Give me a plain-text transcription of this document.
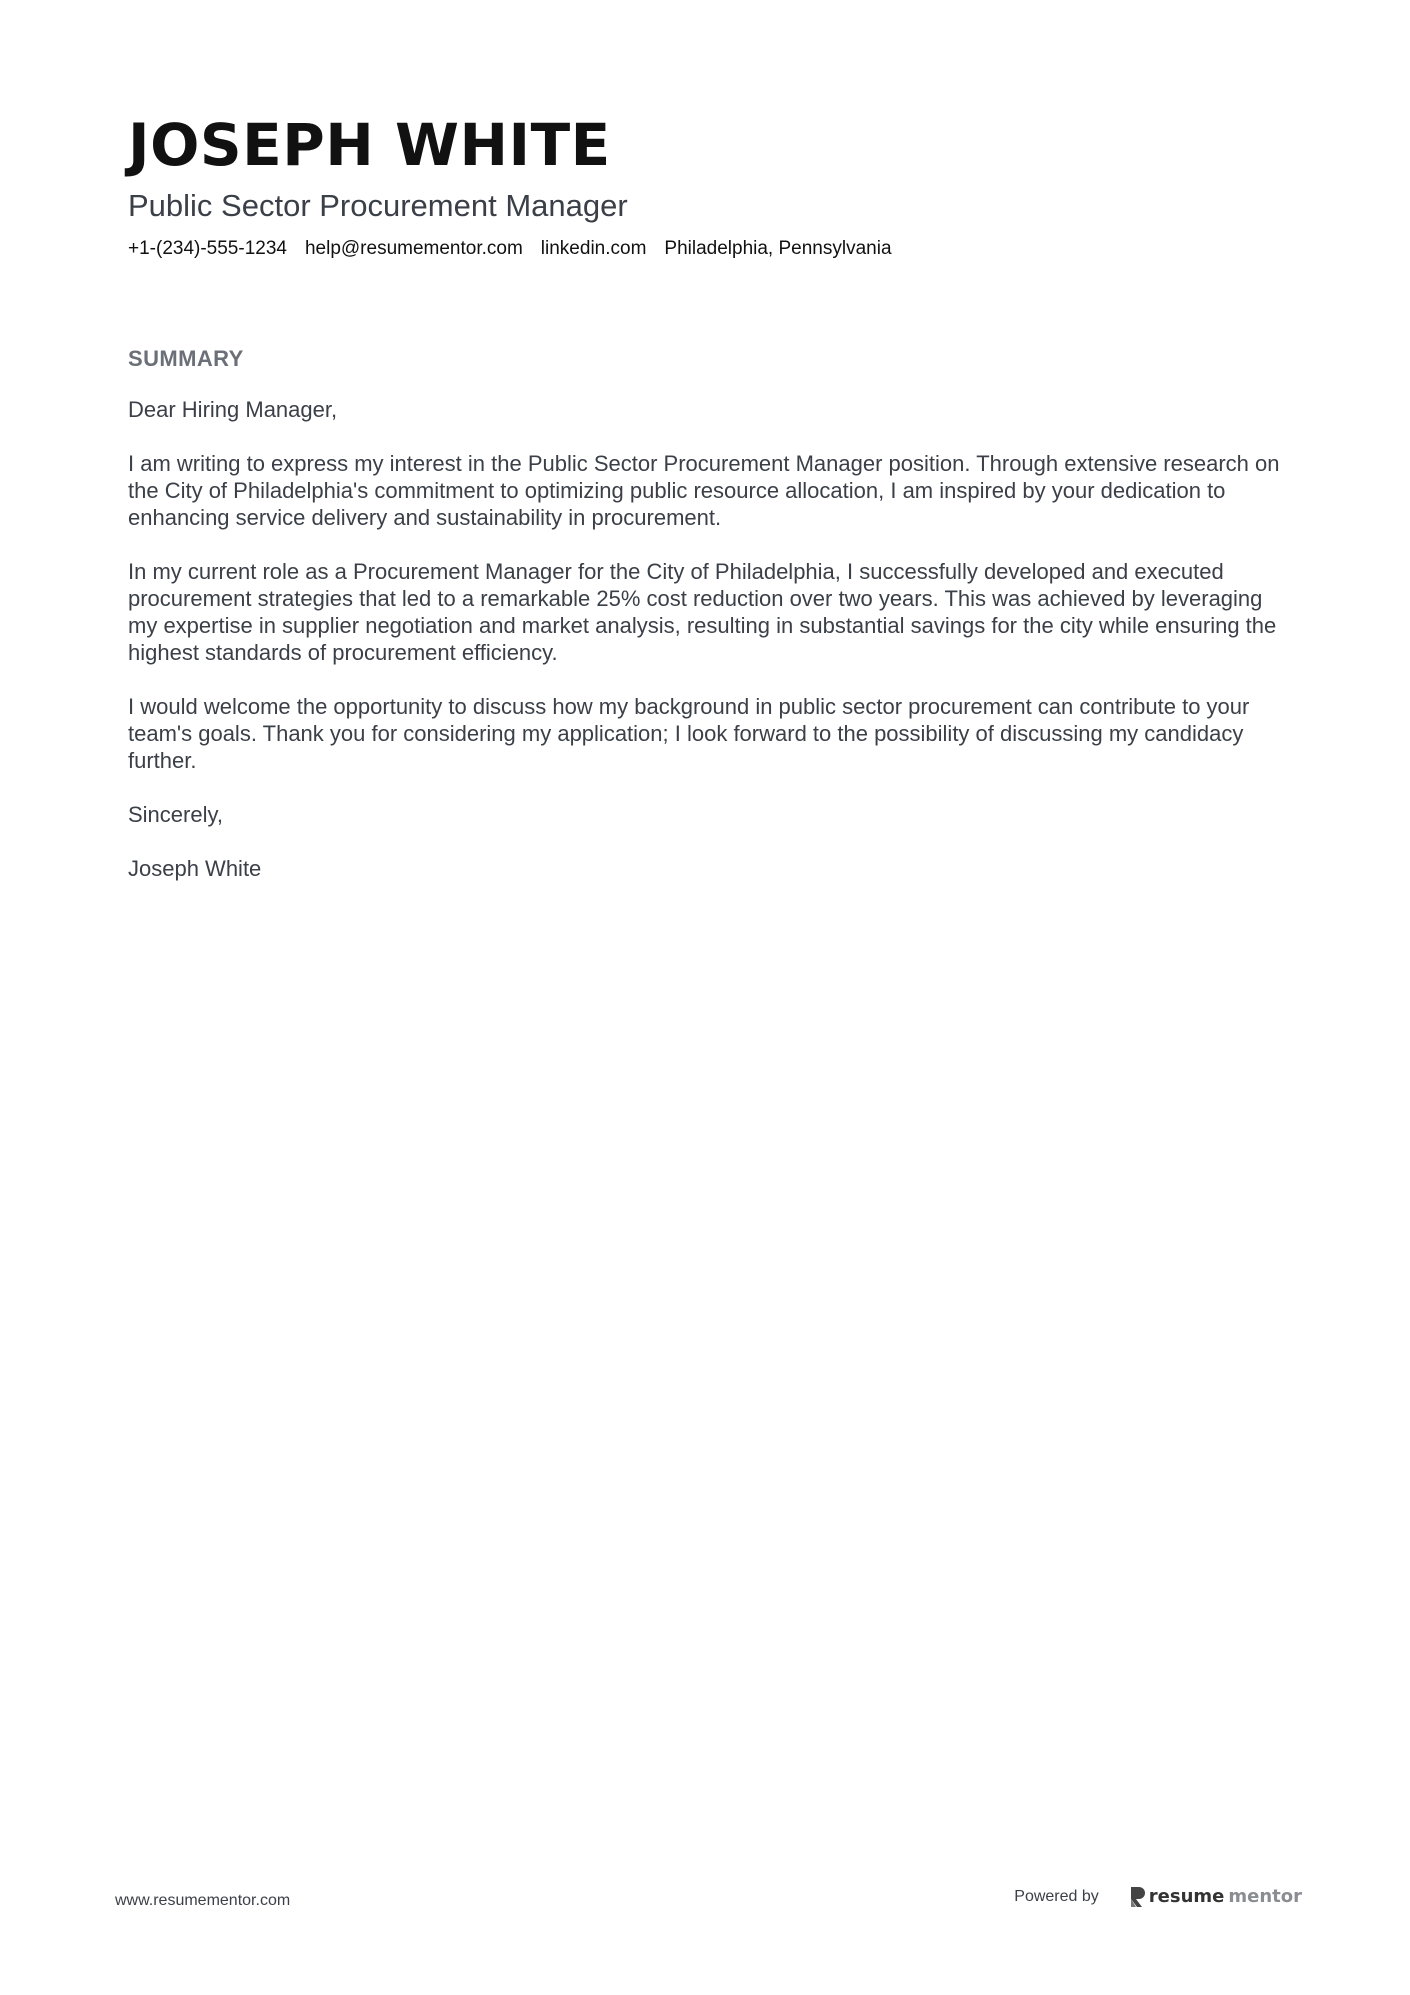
JOSEPH WHITE
Public Sector Procurement Manager
+1-(234)-555-1234 help@resumementor.com linkedin.com Philadelphia, Pennsylvania
SUMMARY

Dear Hiring Manager,

I am writing to express my interest in the Public Sector Procurement Manager position. Through extensive research on the City of Philadelphia's commitment to optimizing public resource allocation, I am inspired by your dedication to enhancing service delivery and sustainability in procurement.

In my current role as a Procurement Manager for the City of Philadelphia, I successfully developed and executed procurement strategies that led to a remarkable 25% cost reduction over two years. This was achieved by leveraging my expertise in supplier negotiation and market analysis, resulting in substantial savings for the city while ensuring the highest standards of procurement efficiency.

I would welcome the opportunity to discuss how my background in public sector procurement can contribute to your team's goals. Thank you for considering my application; I look forward to the possibility of discussing my candidacy further.

Sincerely,

Joseph White

www.resumementor.com	Powered by	resume mentor
